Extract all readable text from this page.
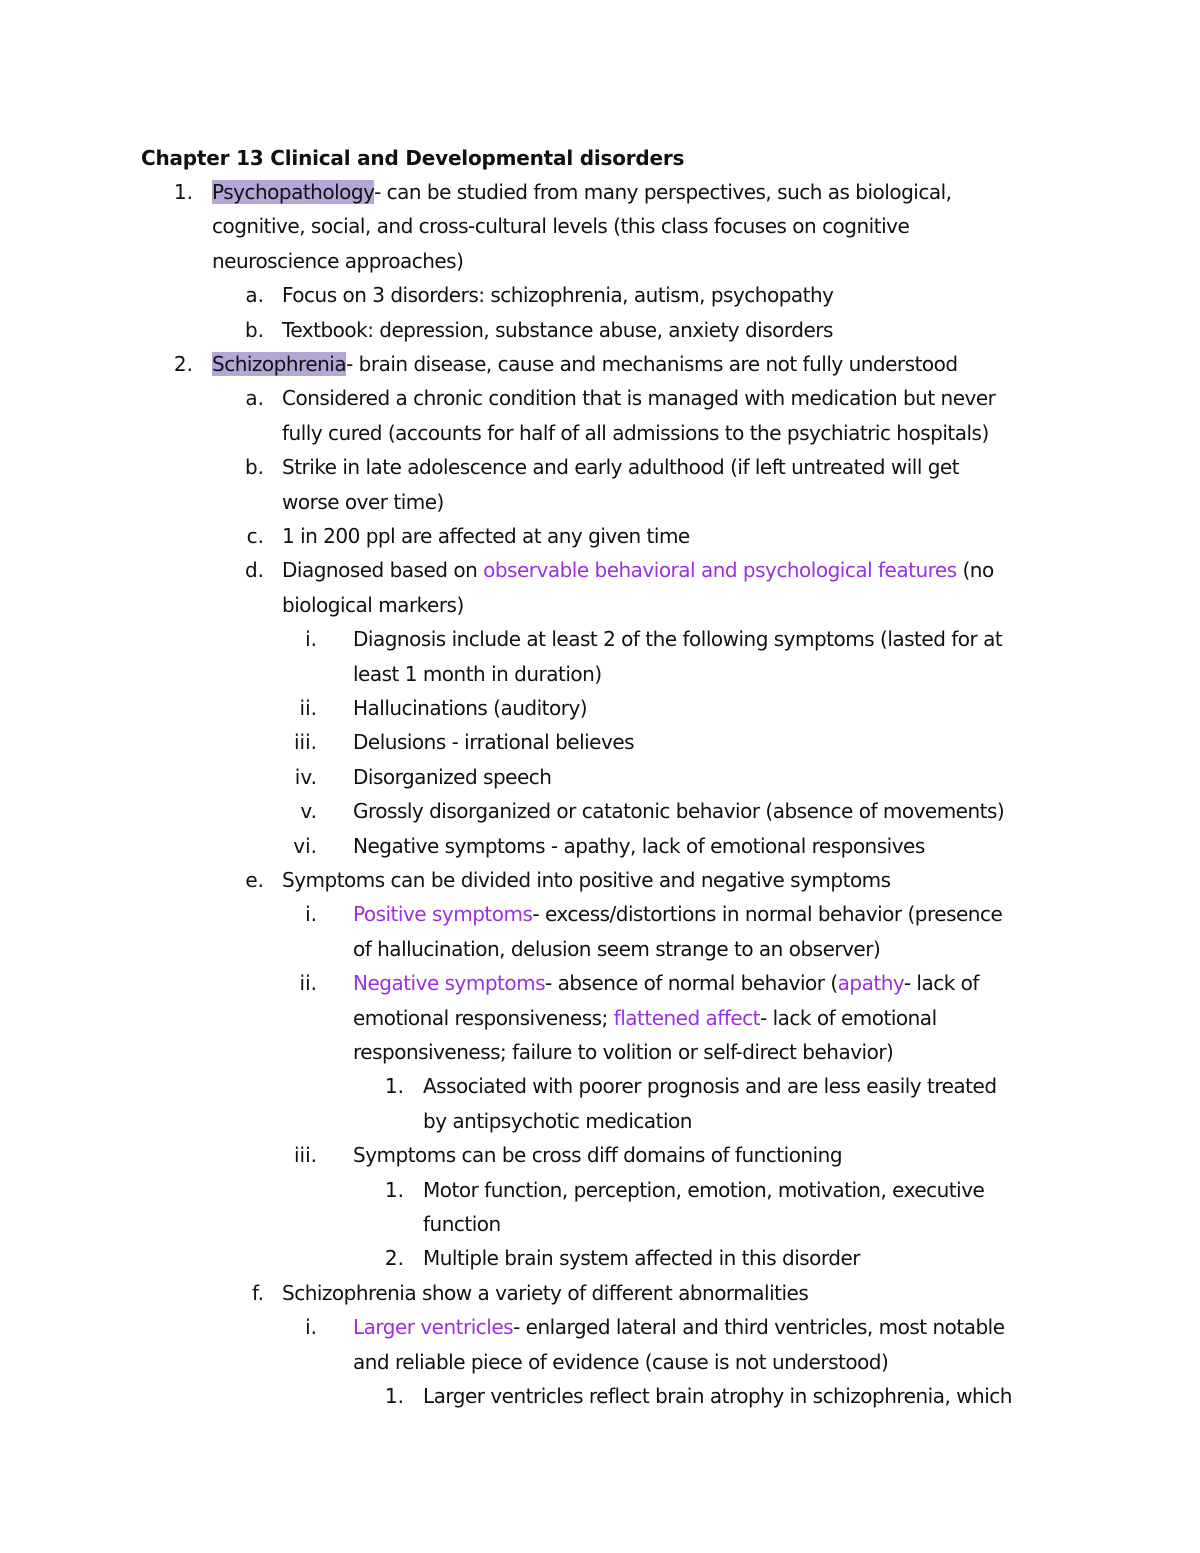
Chapter 13 Clinical and Developmental disorders
1. Psychopathology- can be studied from many perspectives, such as biological,
cognitive, social, and cross-cultural levels (this class focuses on cognitive
neuroscience approaches)
a. Focus on 3 disorders: schizophrenia, autism, psychopathy
b. Textbook: depression, substance abuse, anxiety disorders
2. Schizophrenia- brain disease, cause and mechanisms are not fully understood
a. Considered a chronic condition that is managed with medication but never
fully cured (accounts for half of all admissions to the psychiatric hospitals)
b. Strike in late adolescence and early adulthood (if left untreated will get
worse over time)
c. 1 in 200 ppl are affected at any given time
d. Diagnosed based on observable behavioral and psychological features (no
biological markers)
i. Diagnosis include at least 2 of the following symptoms (lasted for at
least 1 month in duration)
ii. Hallucinations (auditory)
iii. Delusions - irrational believes
iv. Disorganized speech
v. Grossly disorganized or catatonic behavior (absence of movements)
vi. Negative symptoms - apathy, lack of emotional responsives
e. Symptoms can be divided into positive and negative symptoms
i. Positive symptoms- excess/distortions in normal behavior (presence
of hallucination, delusion seem strange to an observer)
ii. Negative symptoms- absence of normal behavior (apathy- lack of
emotional responsiveness; flattened affect- lack of emotional
responsiveness; failure to volition or self-direct behavior)
1. Associated with poorer prognosis and are less easily treated
by antipsychotic medication
iii. Symptoms can be cross diff domains of functioning
1. Motor function, perception, emotion, motivation, executive
function
2. Multiple brain system affected in this disorder
f. Schizophrenia show a variety of different abnormalities
i. Larger ventricles- enlarged lateral and third ventricles, most notable
and reliable piece of evidence (cause is not understood)
1. Larger ventricles reflect brain atrophy in schizophrenia, which
